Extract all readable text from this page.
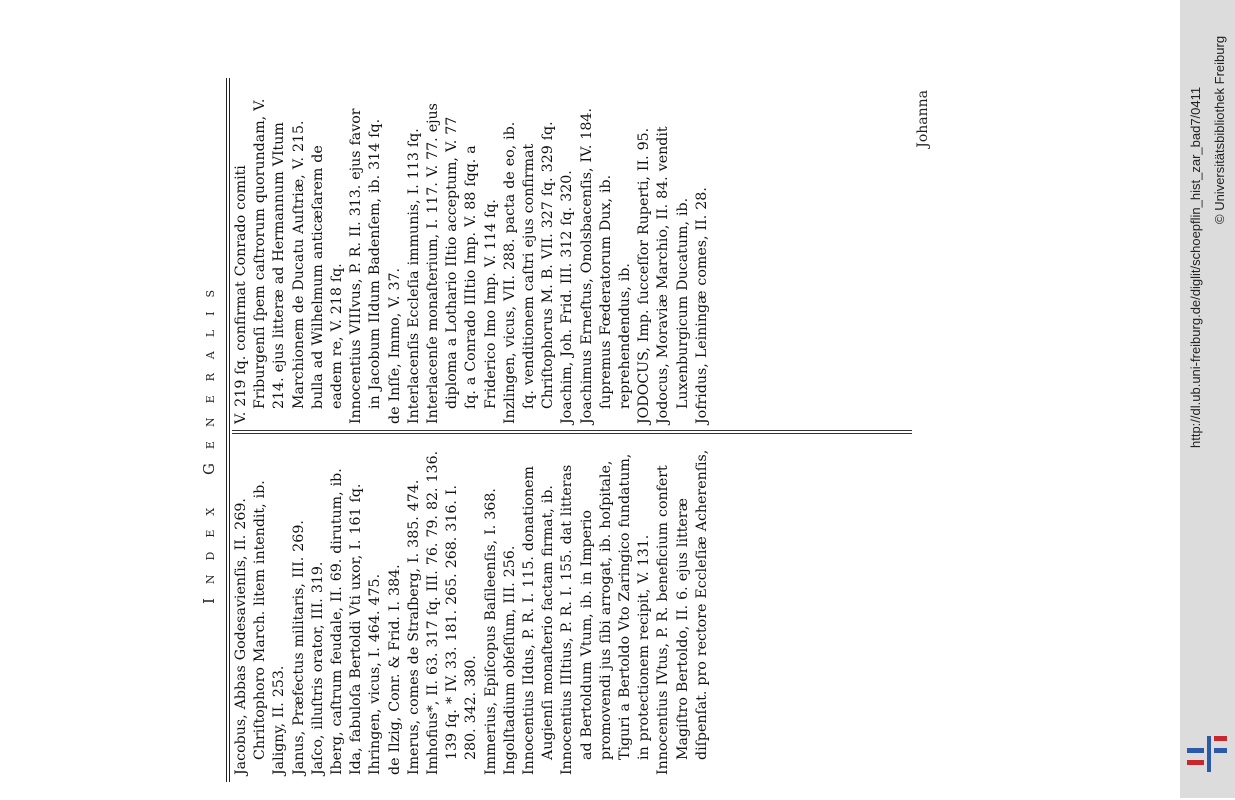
Index Generalis

Jacobus, Abbas Godesavienſis, II. 269. Chriſtophoro March. litem intendit, ib. Jaligny, II. 253. Janus, Præfectus militaris, III. 269. Jaſco, illuſtris orator, III. 319. Iberg, caſtrum feudale, II. 69. dirutum, ib. Ida, fabuloſa Bertoldi Vti uxor, I. 161 ſq. Ihringen, vicus, I. 464. 475. de Ilzig, Conr. & Frid. I. 384. Imerus, comes de Straſberg, I. 385. 474. Imhofius*, II. 63. 317 ſq. III. 76. 79. 82. 136. 139 ſq. * IV. 33. 181. 265. 268. 316. I. 280. 342. 380. Immerius, Epiſcopus Baſileenſis, I. 368. Ingolſtadium obſeſſum, III. 256. Innocentius IIdus, P. R. I. 115. donationem Augienſi monaſterio factam firmat, ib. Innocentius IIItius, P. R. I. 155. dat litteras ad Bertoldum Vtum, ib. in Imperio promovendi jus ſibi arrogat, ib. hoſpitale, Tiguri a Bertoldo Vto Zaringico fundatum, in protectionem recipit, V. 131. Innocentius IVtus, P. R. beneficium confert Magiſtro Bertoldo, II. 6. ejus litteræ diſpenſat. pro rectore Eccleſiæ Acherenſis,

V. 219 ſq. confirmat Conrado comiti Friburgenſi ſpem caſtrorum quorundam, V. 214. ejus litteræ ad Hermannum VItum Marchionem de Ducatu Auſtriæ, V. 215. bulla ad Wilhelmum anticæſarem de eadem re, V. 218 ſq. Innocentius VIIIvus, P. R. II. 313. ejus favor in Jacobum IIdum Badenſem, ib. 314 ſq. de Inſſe, Immo, V. 37. Interlacenſis Eccleſia immunis, I. 113 ſq. Interlacenſe monaſterium, I. 117. V. 77. ejus diploma a Lothario IItio acceptum, V. 77 ſq. a Conrado IIItio Imp. V. 88 ſqq. a Friderico Imo Imp. V. 114 ſq. Inzlingen, vicus, VII. 288. pacta de eo, ib. ſq. venditionem caſtri ejus confirmat Chriſtophorus M. B. VII. 327 ſq. 329 ſq. Joachim, Joh. Frid. III. 312 ſq. 320. Joachimus Erneſtus, Onolsbacenſis, IV. 184. ſupremus Fœderatorum Dux, ib. reprehendendus, ib. JODOCUS, Imp. ſucceſſor Ruperti, II. 95. Jodocus, Moraviæ Marchio, II. 84. vendit Luxenburgicum Ducatum, ib. Jofridus, Leiningæ comes, II. 28.

Johanna	http://dl.ub.uni-freiburg.de/diglit/schoepflin_hist_zar_bad7/0411 © Universitätsbibliothek Freiburg
